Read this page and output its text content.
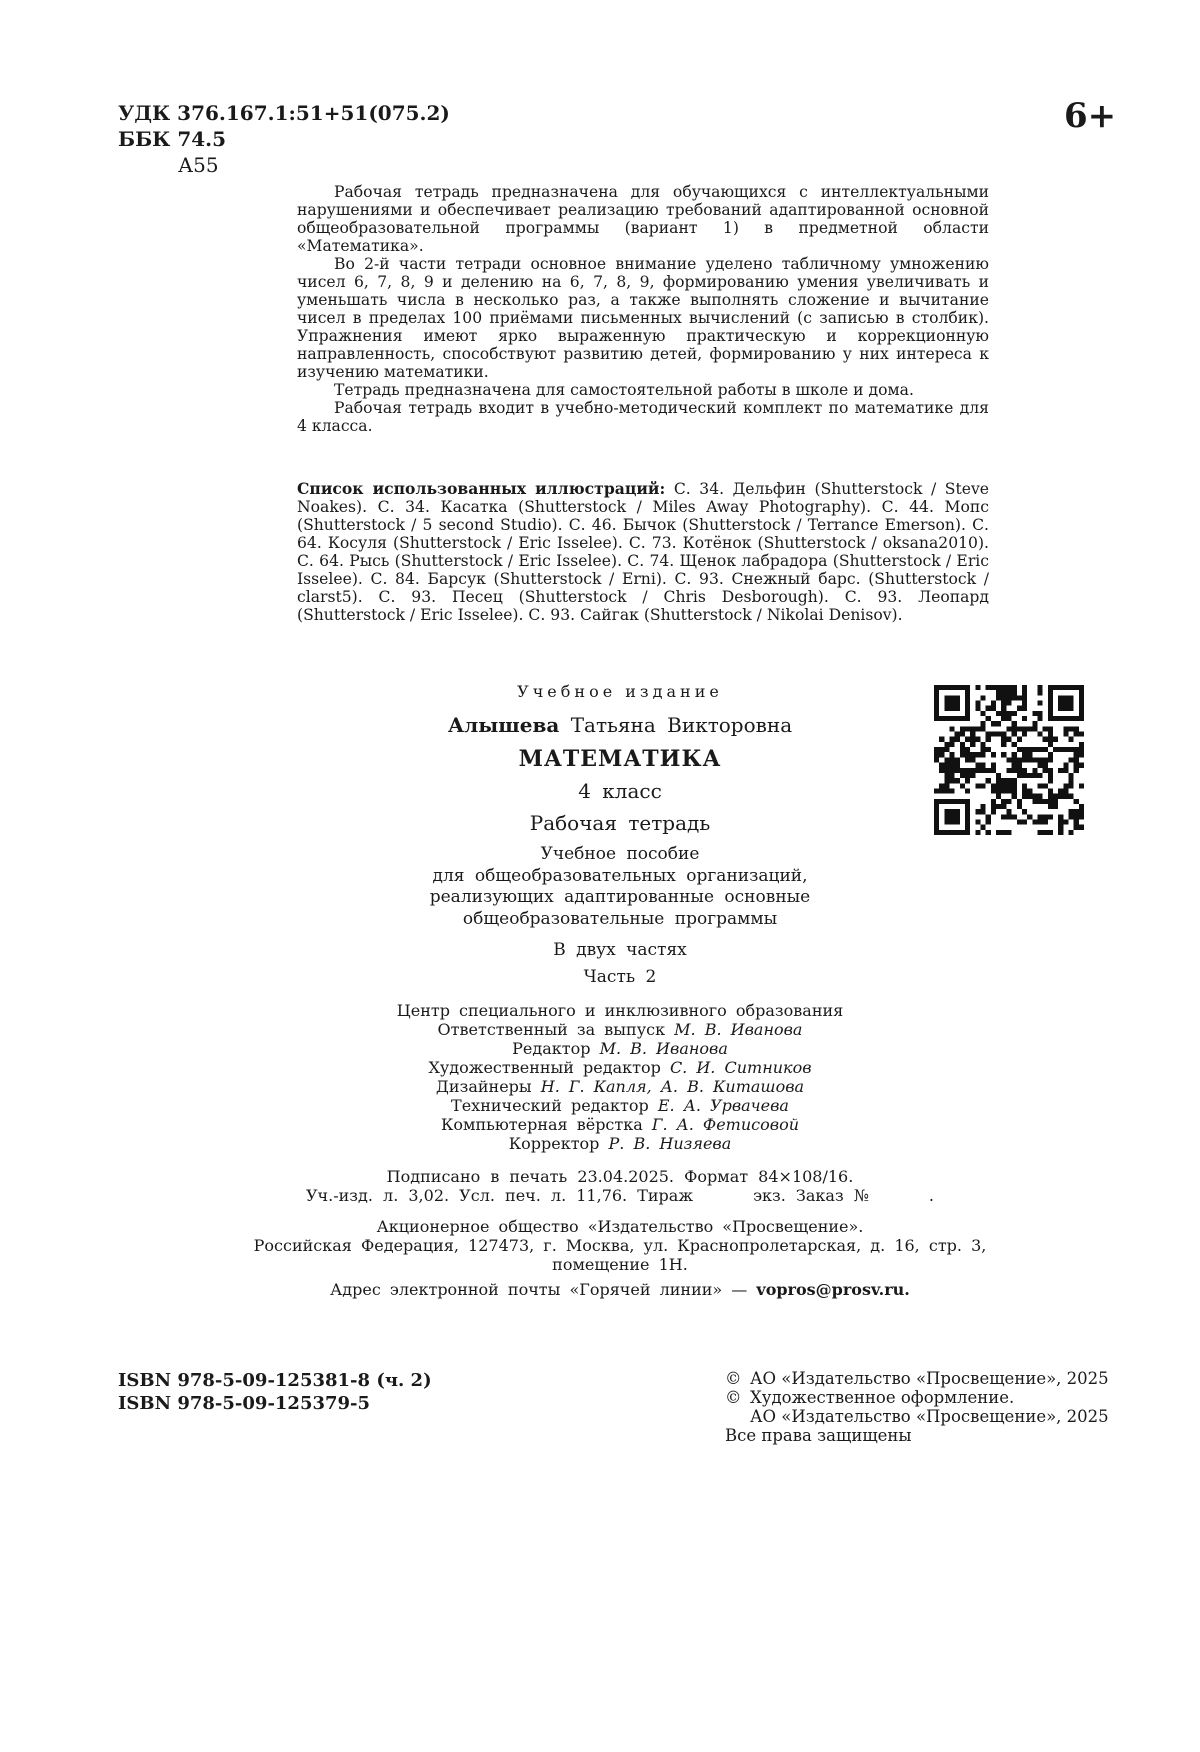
УДК 376.167.1:51+51(075.2)
ББК 74.5
А55
6+

Рабочая тетрадь предназначена для обучающихся с интеллектуальными нарушениями и обеспечивает реализацию требований адаптированной основной общеобразовательной программы (вариант 1) в предметной области «Математика».

Во 2-й части тетради основное внимание уделено табличному умножению чисел 6, 7, 8, 9 и делению на 6, 7, 8, 9, формированию умения увеличивать и уменьшать числа в несколько раз, а также выполнять сложение и вычитание чисел в пределах 100 приёмами письменных вычислений (с записью в столбик). Упражнения имеют ярко выраженную практическую и коррекционную направленность, способствуют развитию детей, формированию у них интереса к изучению математики.

Тетрадь предназначена для самостоятельной работы в школе и дома.

Рабочая тетрадь входит в учебно-методический комплект по математике для 4 класса.

Список использованных иллюстраций: С. 34. Дельфин (Shutterstock / Steve Noakes). С. 34. Касатка (Shutterstock / Miles Away Photography). С. 44. Мопс (Shutterstock / 5 second Studio). С. 46. Бычок (Shutterstock / Terrance Emerson). С. 64. Косуля (Shutterstock / Eric Isselee). С. 73. Котёнок (Shutterstock / oksana2010). С. 64. Рысь (Shutterstock / Eric Isselee). С. 74. Щенок лабрадора (Shutterstock / Eric Isselee). С. 84. Барсук (Shutterstock / Erni). С. 93. Снежный барс. (Shutterstock / clarst5). С. 93. Песец (Shutterstock / Chris Desborough). С. 93. Леопард (Shutterstock / Eric Isselee). С. 93. Сайгак (Shutterstock / Nikolai Denisov).
Учебное издание
Алышева Татьяна Викторовна
МАТЕМАТИКА
4 класс
Рабочая тетрадь
Учебное пособие
для общеобразовательных организаций,
реализующих адаптированные основные
общеобразовательные программы
В двух частях
Часть 2
Центр специального и инклюзивного образования
Ответственный за выпуск М. В. Иванова
Редактор М. В. Иванова
Художественный редактор С. И. Ситников
Дизайнеры Н. Г. Капля, А. В. Киташова
Технический редактор Е. А. Урвачева
Компьютерная вёрстка Г. А. Фетисовой
Корректор Р. В. Низяева
Подписано в печать 23.04.2025. Формат 84×108/16.
Уч.-изд. л. 3,02. Усл. печ. л. 11,76. Тираж	экз. Заказ №	.
Акционерное общество «Издательство «Просвещение».
Российская Федерация, 127473, г. Москва, ул. Краснопролетарская, д. 16, стр. 3,
помещение 1Н.
Адрес электронной почты «Горячей линии» — vopros@prosv.ru.
ISBN 978-5-09-125381-8 (ч. 2)
ISBN 978-5-09-125379-5
© АО «Издательство «Просвещение», 2025
© Художественное оформление.
АО «Издательство «Просвещение», 2025
Все права защищены
